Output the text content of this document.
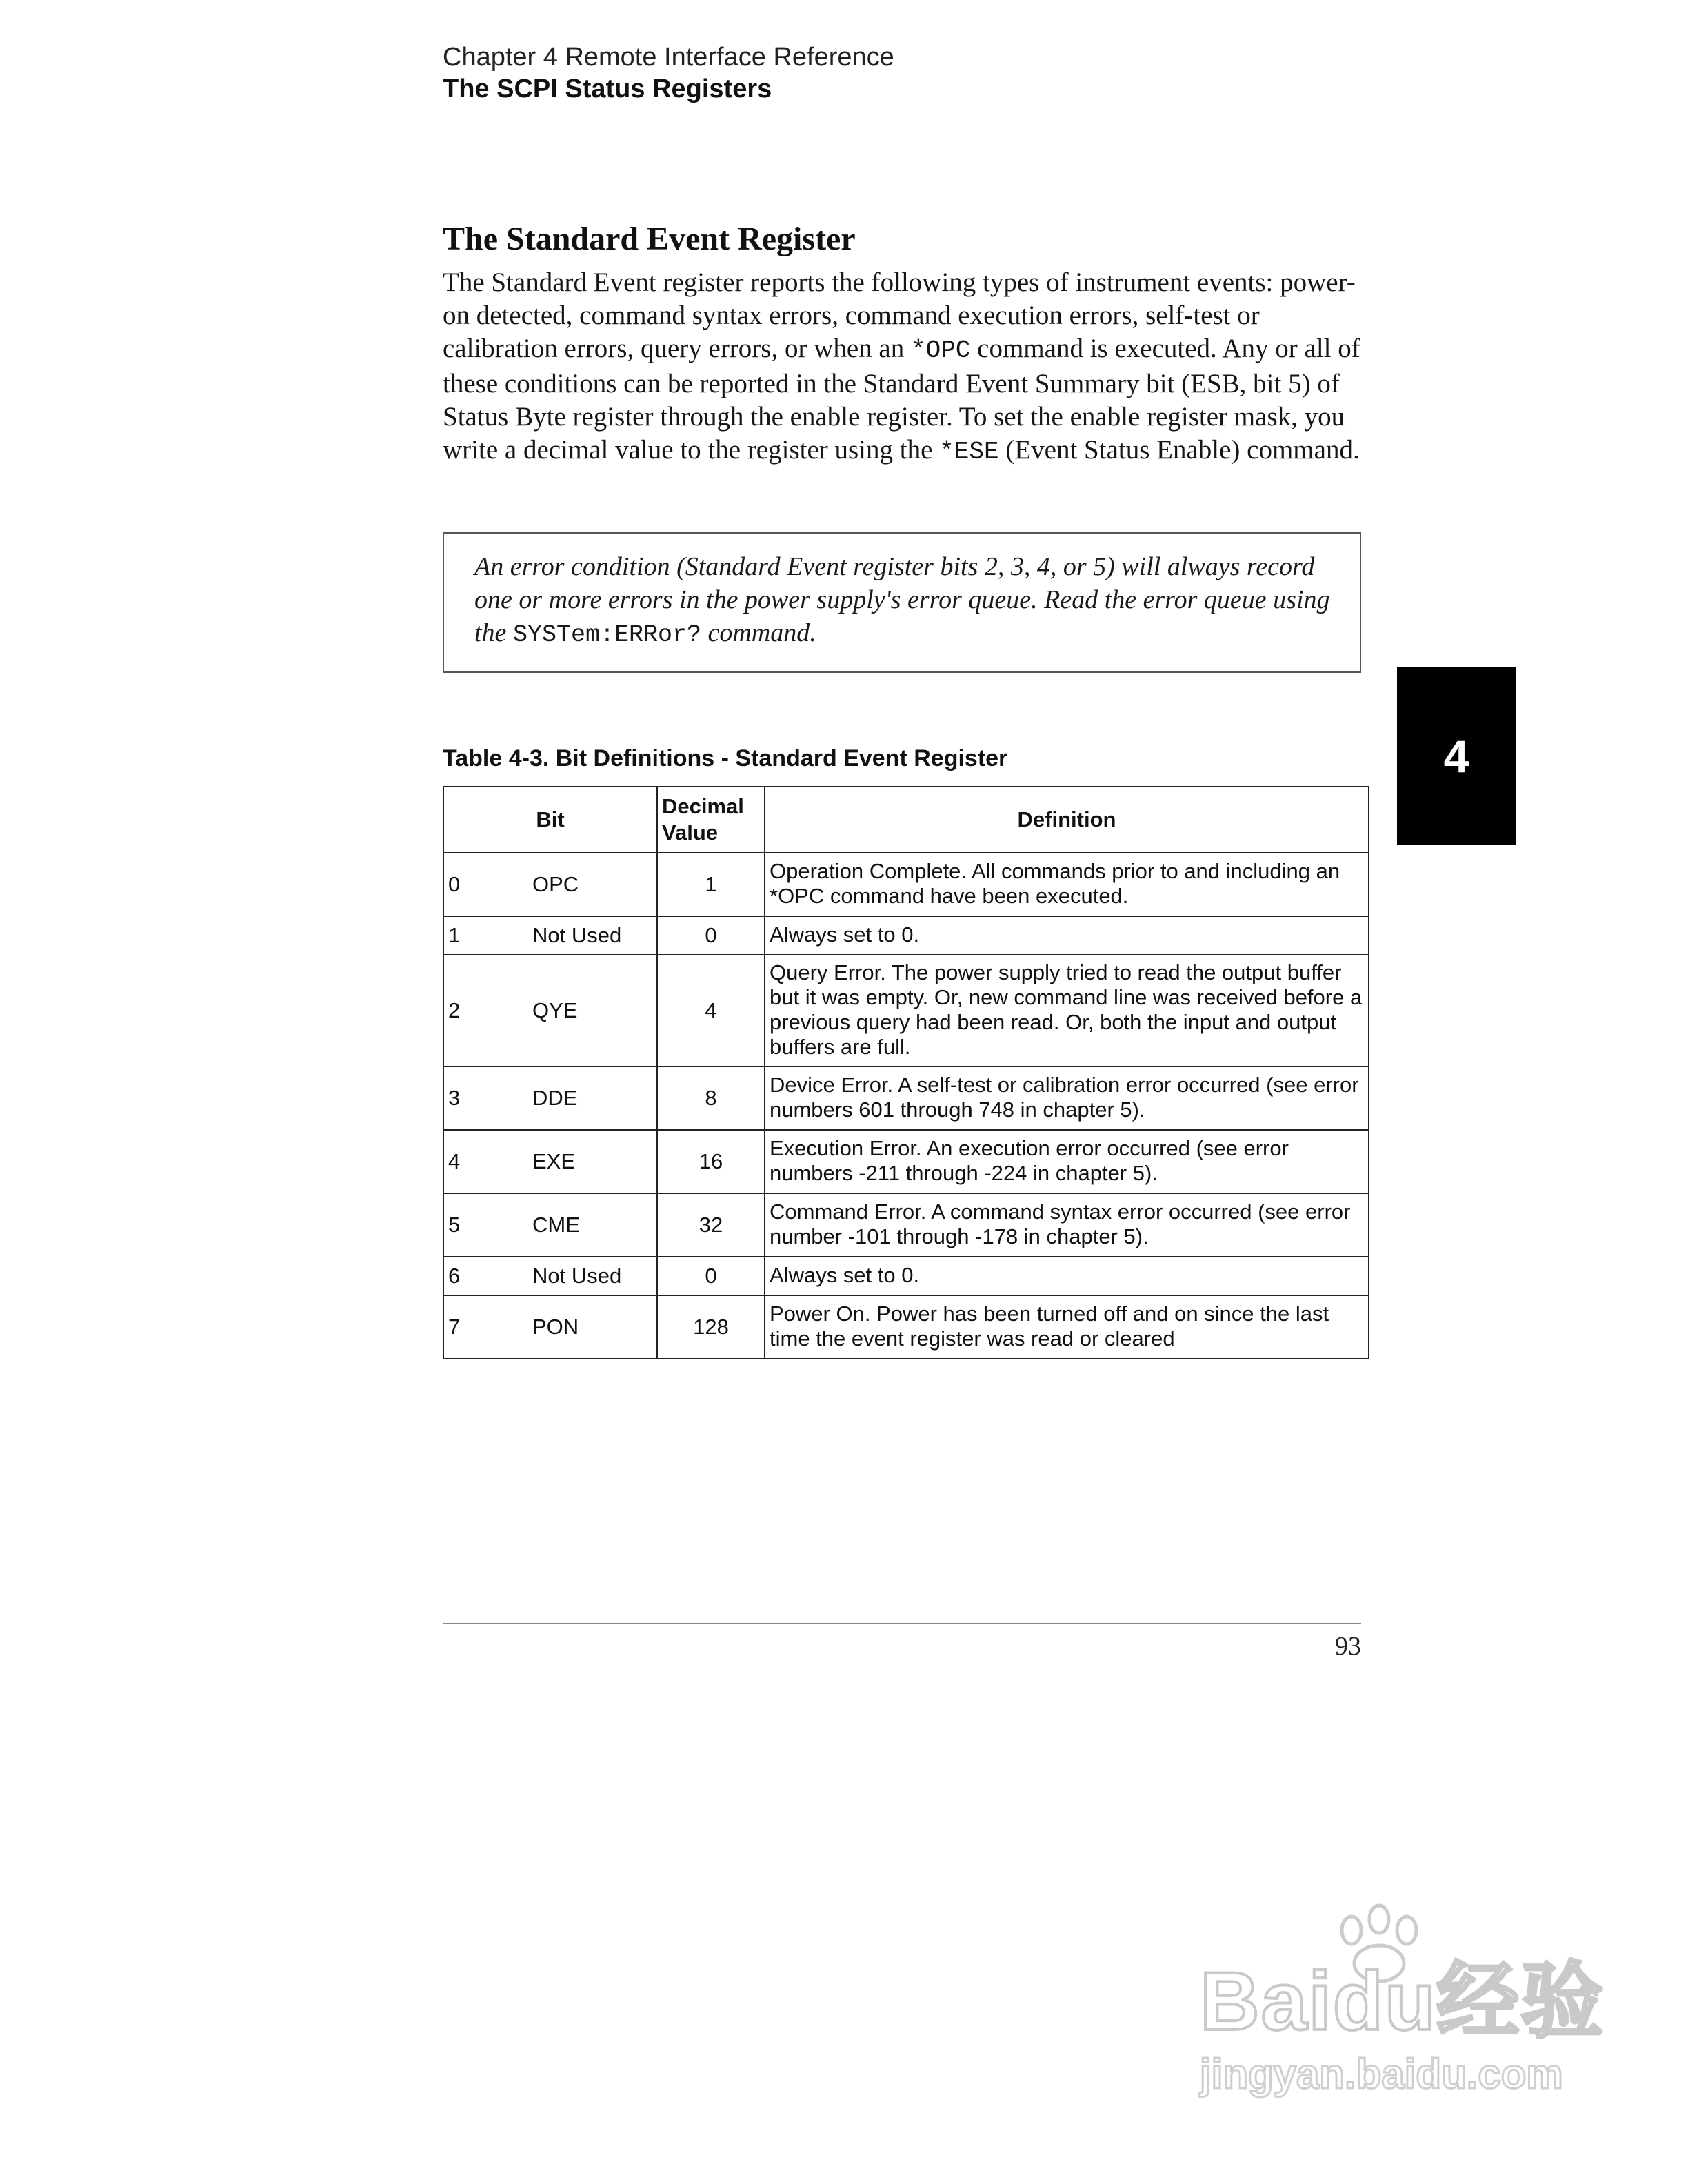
Chapter 4 Remote Interface Reference
The SCPI Status Registers
The Standard Event Register

The Standard Event register reports the following types of instrument events: power-on detected, command syntax errors, command execution errors, self-test or calibration errors, query errors, or when an *OPC command is executed. Any or all of these conditions can be reported in the Standard Event Summary bit (ESB, bit 5) of Status Byte register through the enable register. To set the enable register mask, you write a decimal value to the register using the *ESE (Event Status Enable) command.

An error condition (Standard Event register bits 2, 3, 4, or 5) will always record one or more errors in the power supply's error queue. Read the error queue using the SYSTem:ERRor? command.

Table 4-3. Bit Definitions - Standard Event Register

Bit	Decimal Value	Definition
0 OPC	1	Operation Complete. All commands prior to and including an *OPC command have been executed.
1 Not Used	0	Always set to 0.
2 QYE	4	Query Error. The power supply tried to read the output buffer but it was empty. Or, new command line was received before a previous query had been read. Or, both the input and output buffers are full.
3 DDE	8	Device Error. A self-test or calibration error occurred (see error numbers 601 through 748 in chapter 5).
4 EXE	16	Execution Error. An execution error occurred (see error numbers -211 through -224 in chapter 5).
5 CME	32	Command Error. A command syntax error occurred (see error number -101 through -178 in chapter 5).
6 Not Used	0	Always set to 0.
7 PON	128	Power On. Power has been turned off and on since the last time the event register was read or cleared
4
93
Baidu经验
jingyan.baidu.com
